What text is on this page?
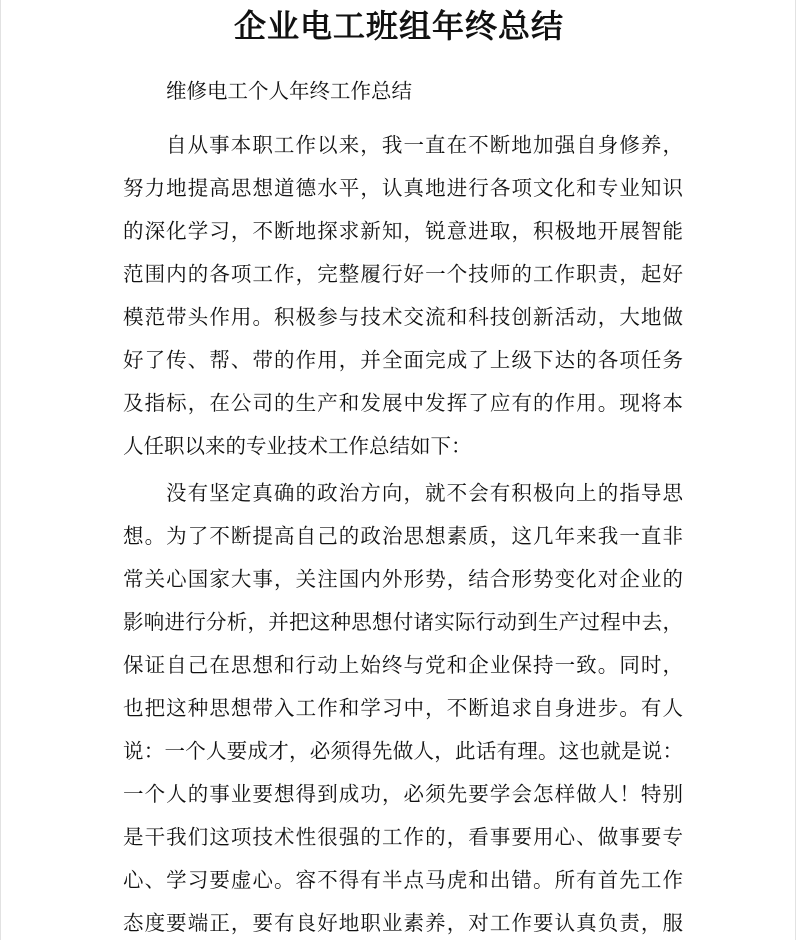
企业电工班组年终总结
维修电工个人年终工作总结
自从事本职工作以来，我一直在不断地加强自身修养，
努力地提高思想道德水平，认真地进行各项文化和专业知识
的深化学习，不断地探求新知，锐意进取，积极地开展智能
范围内的各项工作，完整履行好一个技师的工作职责，起好
模范带头作用。积极参与技术交流和科技创新活动，大地做
好了传、帮、带的作用，并全面完成了上级下达的各项任务
及指标，在公司的生产和发展中发挥了应有的作用。现将本
人任职以来的专业技术工作总结如下：
没有坚定真确的政治方向，就不会有积极向上的指导思
想。为了不断提高自己的政治思想素质，这几年来我一直非
常关心国家大事，关注国内外形势，结合形势变化对企业的
影响进行分析，并把这种思想付诸实际行动到生产过程中去，
保证自己在思想和行动上始终与党和企业保持一致。同时，
也把这种思想带入工作和学习中，不断追求自身进步。有人
说：一个人要成才，必须得先做人，此话有理。这也就是说：
一个人的事业要想得到成功，必须先要学会怎样做人！特别
是干我们这项技术性很强的工作的，看事要用心、做事要专
心、学习要虚心。容不得有半点马虎和出错。所有首先工作
态度要端正，要有良好地职业素养，对工作要认真负责，服
